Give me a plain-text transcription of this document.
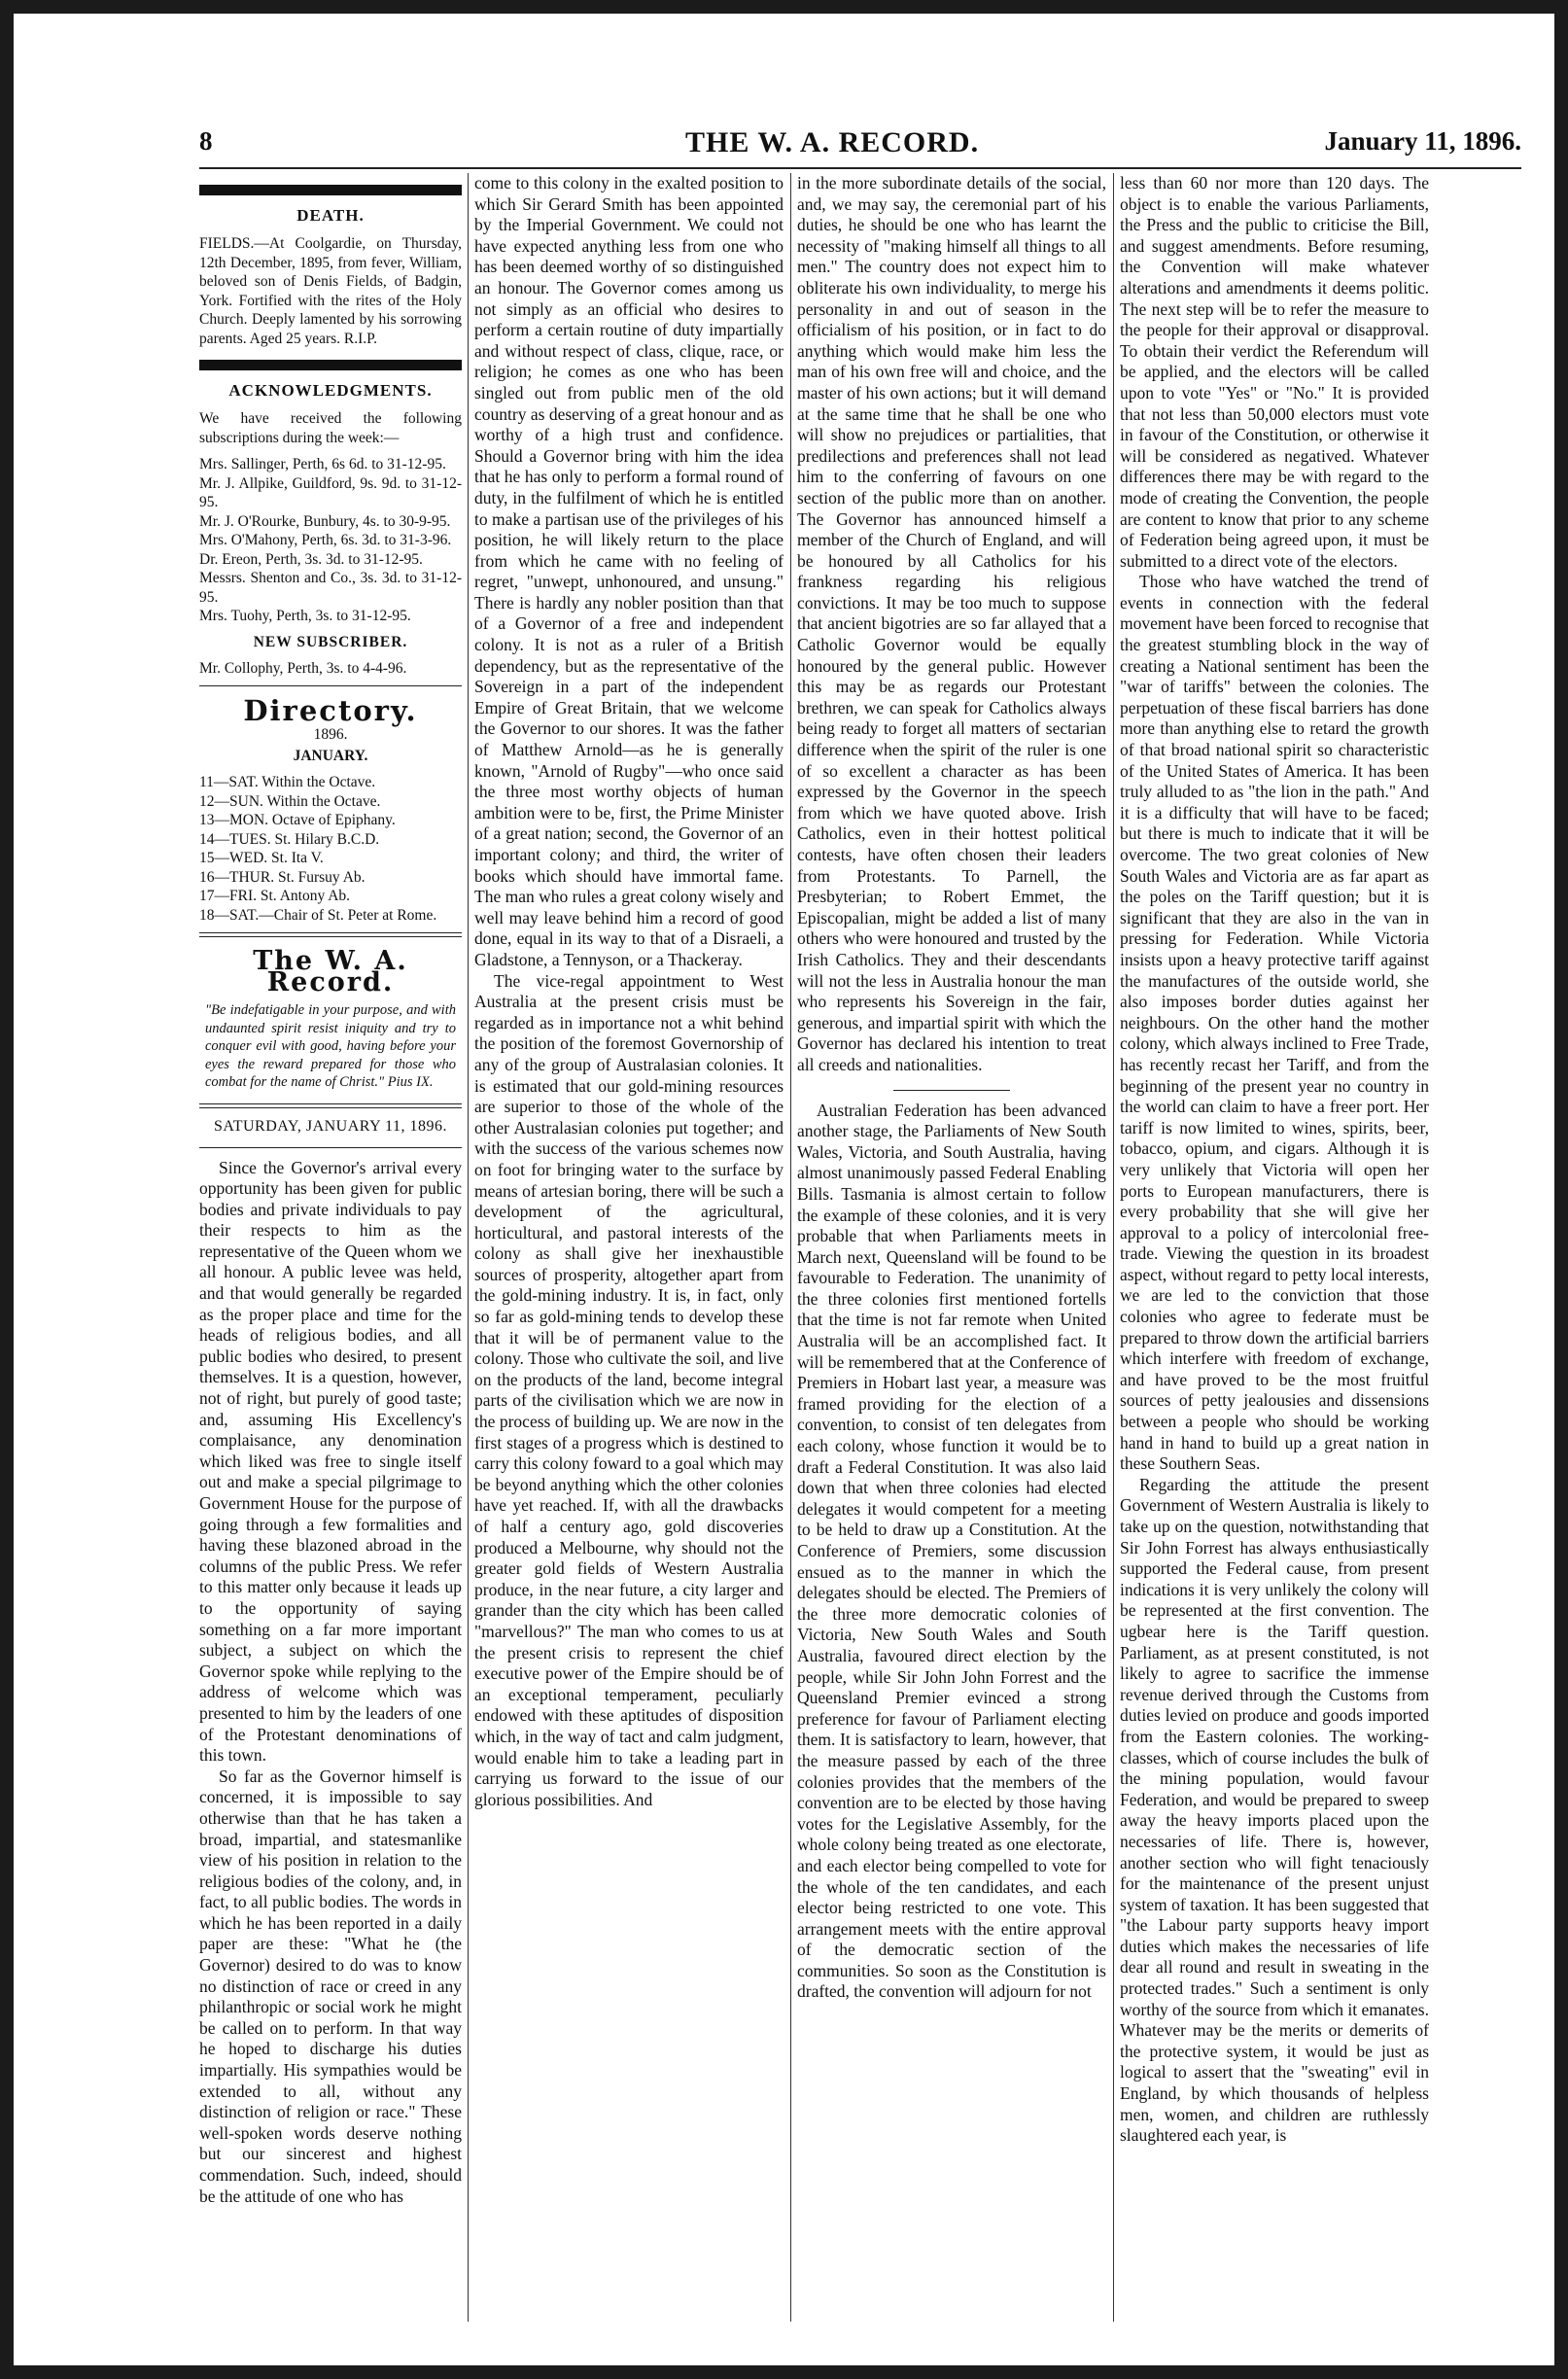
8	THE W. A. RECORD.	January 11, 1896.
DEATH.

FIELDS.—At Coolgardie, on Thursday, 12th December, 1895, from fever, William, beloved son of Denis Fields, of Badgin, York. Fortified with the rites of the Holy Church. Deeply lamented by his sorrowing parents. Aged 25 years. R.I.P.

ACKNOWLEDGMENTS.

We have received the following subscriptions during the week:—

Mrs. Sallinger, Perth, 6s 6d. to 31-12-95.
Mr. J. Allpike, Guildford, 9s. 9d. to 31-12-95.
Mr. J. O'Rourke, Bunbury, 4s. to 30-9-95.
Mrs. O'Mahony, Perth, 6s. 3d. to 31-3-96.
Dr. Ereon, Perth, 3s. 3d. to 31-12-95.
Messrs. Shenton and Co., 3s. 3d. to 31-12-95.
Mrs. Tuohy, Perth, 3s. to 31-12-95.
NEW SUBSCRIBER.

Mr. Collophy, Perth, 3s. to 4-4-96.

Directory.
1896.
JANUARY.
11—SAT. Within the Octave.
12—SUN. Within the Octave.
13—MON. Octave of Epiphany.
14—TUES. St. Hilary B.C.D.
15—WED. St. Ita V.
16—THUR. St. Fursuy Ab.
17—FRI. St. Antony Ab.
18—SAT.—Chair of St. Peter at Rome.
The W. A. Record.
"Be indefatigable in your purpose, and with undaunted spirit resist iniquity and try to conquer evil with good, having before your eyes the reward prepared for those who combat for the name of Christ." Pius IX.
SATURDAY, JANUARY 11, 1896.

Since the Governor's arrival every opportunity has been given for public bodies and private individuals to pay their respects to him as the representative of the Queen whom we all honour. A public levee was held, and that would generally be regarded as the proper place and time for the heads of religious bodies, and all public bodies who desired, to present themselves. It is a question, however, not of right, but purely of good taste; and, assuming His Excellency's complaisance, any denomination which liked was free to single itself out and make a special pilgrimage to Government House for the purpose of going through a few formalities and having these blazoned abroad in the columns of the public Press. We refer to this matter only because it leads up to the opportunity of saying something on a far more important subject, a subject on which the Governor spoke while replying to the address of welcome which was presented to him by the leaders of one of the Protestant denominations of this town.

So far as the Governor himself is concerned, it is impossible to say otherwise than that he has taken a broad, impartial, and statesmanlike view of his position in relation to the religious bodies of the colony, and, in fact, to all public bodies. The words in which he has been reported in a daily paper are these: "What he (the Governor) desired to do was to know no distinction of race or creed in any philanthropic or social work he might be called on to perform. In that way he hoped to discharge his duties impartially. His sympathies would be extended to all, without any distinction of religion or race." These well-spoken words deserve nothing but our sincerest and highest commendation. Such, indeed, should be the attitude of one who has

come to this colony in the exalted position to which Sir Gerard Smith has been appointed by the Imperial Government. We could not have expected anything less from one who has been deemed worthy of so distinguished an honour. The Governor comes among us not simply as an official who desires to perform a certain routine of duty impartially and without respect of class, clique, race, or religion; he comes as one who has been singled out from public men of the old country as deserving of a great honour and as worthy of a high trust and confidence. Should a Governor bring with him the idea that he has only to perform a formal round of duty, in the fulfilment of which he is entitled to make a partisan use of the privileges of his position, he will likely return to the place from which he came with no feeling of regret, "unwept, unhonoured, and unsung." There is hardly any nobler position than that of a Governor of a free and independent colony. It is not as a ruler of a British dependency, but as the representative of the Sovereign in a part of the independent Empire of Great Britain, that we welcome the Governor to our shores. It was the father of Matthew Arnold—as he is generally known, "Arnold of Rugby"—who once said the three most worthy objects of human ambition were to be, first, the Prime Minister of a great nation; second, the Governor of an important colony; and third, the writer of books which should have immortal fame. The man who rules a great colony wisely and well may leave behind him a record of good done, equal in its way to that of a Disraeli, a Gladstone, a Tennyson, or a Thackeray.

The vice-regal appointment to West Australia at the present crisis must be regarded as in importance not a whit behind the position of the foremost Governorship of any of the group of Australasian colonies. It is estimated that our gold-mining resources are superior to those of the whole of the other Australasian colonies put together; and with the success of the various schemes now on foot for bringing water to the surface by means of artesian boring, there will be such a development of the agricultural, horticultural, and pastoral interests of the colony as shall give her inexhaustible sources of prosperity, altogether apart from the gold-mining industry. It is, in fact, only so far as gold-mining tends to develop these that it will be of permanent value to the colony. Those who cultivate the soil, and live on the products of the land, become integral parts of the civilisation which we are now in the process of building up. We are now in the first stages of a progress which is destined to carry this colony foward to a goal which may be beyond anything which the other colonies have yet reached. If, with all the drawbacks of half a century ago, gold discoveries produced a Melbourne, why should not the greater gold fields of Western Australia produce, in the near future, a city larger and grander than the city which has been called "marvellous?" The man who comes to us at the present crisis to represent the chief executive power of the Empire should be of an exceptional temperament, peculiarly endowed with these aptitudes of disposition which, in the way of tact and calm judgment, would enable him to take a leading part in carrying us forward to the issue of our glorious possibilities. And

in the more subordinate details of the social, and, we may say, the ceremonial part of his duties, he should be one who has learnt the necessity of "making himself all things to all men." The country does not expect him to obliterate his own individuality, to merge his personality in and out of season in the officialism of his position, or in fact to do anything which would make him less the man of his own free will and choice, and the master of his own actions; but it will demand at the same time that he shall be one who will show no prejudices or partialities, that predilections and preferences shall not lead him to the conferring of favours on one section of the public more than on another. The Governor has announced himself a member of the Church of England, and will be honoured by all Catholics for his frankness regarding his religious convictions. It may be too much to suppose that ancient bigotries are so far allayed that a Catholic Governor would be equally honoured by the general public. However this may be as regards our Protestant brethren, we can speak for Catholics always being ready to forget all matters of sectarian difference when the spirit of the ruler is one of so excellent a character as has been expressed by the Governor in the speech from which we have quoted above. Irish Catholics, even in their hottest political contests, have often chosen their leaders from Protestants. To Parnell, the Presbyterian; to Robert Emmet, the Episcopalian, might be added a list of many others who were honoured and trusted by the Irish Catholics. They and their descendants will not the less in Australia honour the man who represents his Sovereign in the fair, generous, and impartial spirit with which the Governor has declared his intention to treat all creeds and nationalities.

Australian Federation has been advanced another stage, the Parliaments of New South Wales, Victoria, and South Australia, having almost unanimously passed Federal Enabling Bills. Tasmania is almost certain to follow the example of these colonies, and it is very probable that when Parliaments meets in March next, Queensland will be found to be favourable to Federation. The unanimity of the three colonies first mentioned fortells that the time is not far remote when United Australia will be an accomplished fact. It will be remembered that at the Conference of Premiers in Hobart last year, a measure was framed providing for the election of a convention, to consist of ten delegates from each colony, whose function it would be to draft a Federal Constitution. It was also laid down that when three colonies had elected delegates it would competent for a meeting to be held to draw up a Constitution. At the Conference of Premiers, some discussion ensued as to the manner in which the delegates should be elected. The Premiers of the three more democratic colonies of Victoria, New South Wales and South Australia, favoured direct election by the people, while Sir John John Forrest and the Queensland Premier evinced a strong preference for favour of Parliament electing them. It is satisfactory to learn, however, that the measure passed by each of the three colonies provides that the members of the convention are to be elected by those having votes for the Legislative Assembly, for the whole colony being treated as one electorate, and each elector being compelled to vote for the whole of the ten candidates, and each elector being restricted to one vote. This arrangement meets with the entire approval of the democratic section of the communities. So soon as the Constitution is drafted, the convention will adjourn for not

less than 60 nor more than 120 days. The object is to enable the various Parliaments, the Press and the public to criticise the Bill, and suggest amendments. Before resuming, the Convention will make whatever alterations and amendments it deems politic. The next step will be to refer the measure to the people for their approval or disapproval. To obtain their verdict the Referendum will be applied, and the electors will be called upon to vote "Yes" or "No." It is provided that not less than 50,000 electors must vote in favour of the Constitution, or otherwise it will be considered as negatived. Whatever differences there may be with regard to the mode of creating the Convention, the people are content to know that prior to any scheme of Federation being agreed upon, it must be submitted to a direct vote of the electors.

Those who have watched the trend of events in connection with the federal movement have been forced to recognise that the greatest stumbling block in the way of creating a National sentiment has been the "war of tariffs" between the colonies. The perpetuation of these fiscal barriers has done more than anything else to retard the growth of that broad national spirit so characteristic of the United States of America. It has been truly alluded to as "the lion in the path." And it is a difficulty that will have to be faced; but there is much to indicate that it will be overcome. The two great colonies of New South Wales and Victoria are as far apart as the poles on the Tariff question; but it is significant that they are also in the van in pressing for Federation. While Victoria insists upon a heavy protective tariff against the manufactures of the outside world, she also imposes border duties against her neighbours. On the other hand the mother colony, which always inclined to Free Trade, has recently recast her Tariff, and from the beginning of the present year no country in the world can claim to have a freer port. Her tariff is now limited to wines, spirits, beer, tobacco, opium, and cigars. Although it is very unlikely that Victoria will open her ports to European manufacturers, there is every probability that she will give her approval to a policy of intercolonial free-trade. Viewing the question in its broadest aspect, without regard to petty local interests, we are led to the conviction that those colonies who agree to federate must be prepared to throw down the artificial barriers which interfere with freedom of exchange, and have proved to be the most fruitful sources of petty jealousies and dissensions between a people who should be working hand in hand to build up a great nation in these Southern Seas.

Regarding the attitude the present Government of Western Australia is likely to take up on the question, notwithstanding that Sir John Forrest has always enthusiastically supported the Federal cause, from present indications it is very unlikely the colony will be represented at the first convention. The ugbear here is the Tariff question. Parliament, as at present constituted, is not likely to agree to sacrifice the immense revenue derived through the Customs from duties levied on produce and goods imported from the Eastern colonies. The working-classes, which of course includes the bulk of the mining population, would favour Federation, and would be prepared to sweep away the heavy imports placed upon the necessaries of life. There is, however, another section who will fight tenaciously for the maintenance of the present unjust system of taxation. It has been suggested that "the Labour party supports heavy import duties which makes the necessaries of life dear all round and result in sweating in the protected trades." Such a sentiment is only worthy of the source from which it emanates. Whatever may be the merits or demerits of the protective system, it would be just as logical to assert that the "sweating" evil in England, by which thousands of helpless men, women, and children are ruthlessly slaughtered each year, is
